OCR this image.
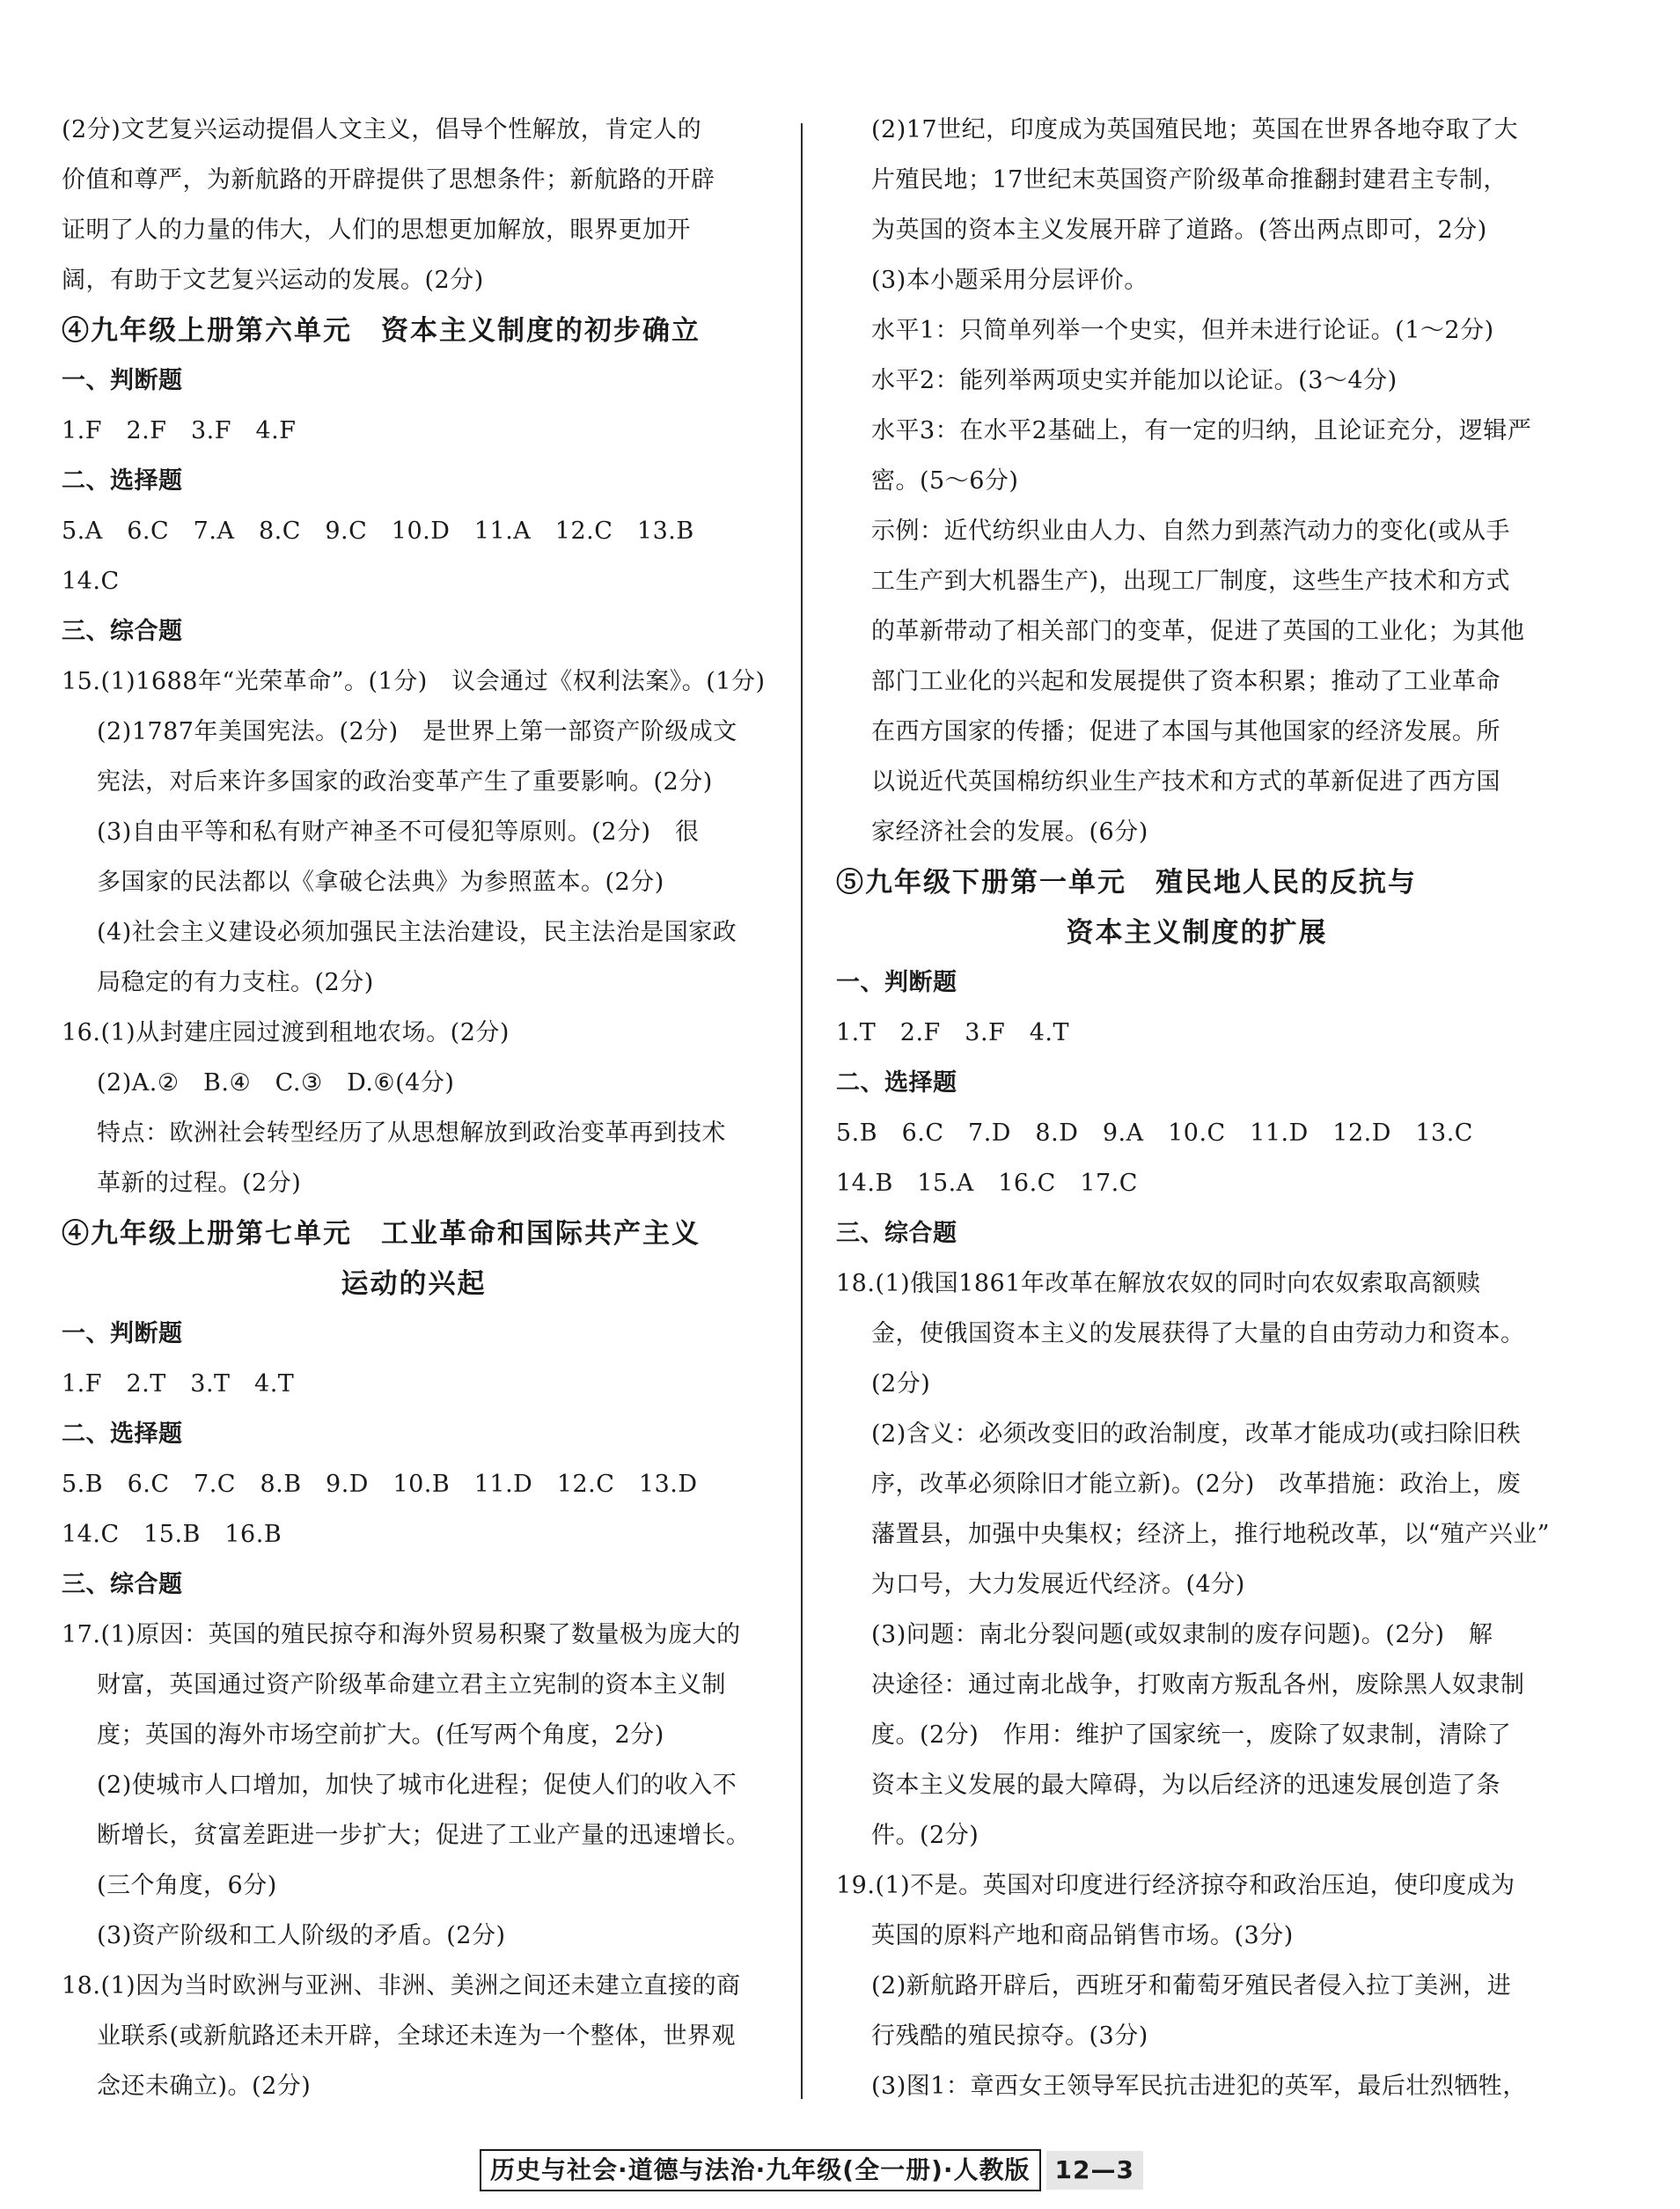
(2分)文艺复兴运动提倡人文主义，倡导个性解放，肯定人的
价值和尊严，为新航路的开辟提供了思想条件；新航路的开辟
证明了人的力量的伟大，人们的思想更加解放，眼界更加开
阔，有助于文艺复兴运动的发展。(2分)
④九年级上册第六单元　资本主义制度的初步确立
一、判断题
1.F　2.F　3.F　4.F
二、选择题
5.A　6.C　7.A　8.C　9.C　10.D　11.A　12.C　13.B
14.C
三、综合题
15.(1)1688年“光荣革命”。(1分)　议会通过《权利法案》。(1分)
(2)1787年美国宪法。(2分)　是世界上第一部资产阶级成文
宪法，对后来许多国家的政治变革产生了重要影响。(2分)
(3)自由平等和私有财产神圣不可侵犯等原则。(2分)　很
多国家的民法都以《拿破仑法典》为参照蓝本。(2分)
(4)社会主义建设必须加强民主法治建设，民主法治是国家政
局稳定的有力支柱。(2分)
16.(1)从封建庄园过渡到租地农场。(2分)
(2)A.②　B.④　C.③　D.⑥(4分)
特点：欧洲社会转型经历了从思想解放到政治变革再到技术
革新的过程。(2分)
④九年级上册第七单元　工业革命和国际共产主义
运动的兴起
一、判断题
1.F　2.T　3.T　4.T
二、选择题
5.B　6.C　7.C　8.B　9.D　10.B　11.D　12.C　13.D
14.C　15.B　16.B
三、综合题
17.(1)原因：英国的殖民掠夺和海外贸易积聚了数量极为庞大的
财富，英国通过资产阶级革命建立君主立宪制的资本主义制
度；英国的海外市场空前扩大。(任写两个角度，2分)
(2)使城市人口增加，加快了城市化进程；促使人们的收入不
断增长，贫富差距进一步扩大；促进了工业产量的迅速增长。
(三个角度，6分)
(3)资产阶级和工人阶级的矛盾。(2分)
18.(1)因为当时欧洲与亚洲、非洲、美洲之间还未建立直接的商
业联系(或新航路还未开辟，全球还未连为一个整体，世界观
念还未确立)。(2分)
(2)17世纪，印度成为英国殖民地；英国在世界各地夺取了大
片殖民地；17世纪末英国资产阶级革命推翻封建君主专制，
为英国的资本主义发展开辟了道路。(答出两点即可，2分)
(3)本小题采用分层评价。
水平1：只简单列举一个史实，但并未进行论证。(1～2分)
水平2：能列举两项史实并能加以论证。(3～4分)
水平3：在水平2基础上，有一定的归纳，且论证充分，逻辑严
密。(5～6分)
示例：近代纺织业由人力、自然力到蒸汽动力的变化(或从手
工生产到大机器生产)，出现工厂制度，这些生产技术和方式
的革新带动了相关部门的变革，促进了英国的工业化；为其他
部门工业化的兴起和发展提供了资本积累；推动了工业革命
在西方国家的传播；促进了本国与其他国家的经济发展。所
以说近代英国棉纺织业生产技术和方式的革新促进了西方国
家经济社会的发展。(6分)
⑤九年级下册第一单元　殖民地人民的反抗与
资本主义制度的扩展
一、判断题
1.T　2.F　3.F　4.T
二、选择题
5.B　6.C　7.D　8.D　9.A　10.C　11.D　12.D　13.C
14.B　15.A　16.C　17.C
三、综合题
18.(1)俄国1861年改革在解放农奴的同时向农奴索取高额赎
金，使俄国资本主义的发展获得了大量的自由劳动力和资本。
(2分)
(2)含义：必须改变旧的政治制度，改革才能成功(或扫除旧秩
序，改革必须除旧才能立新)。(2分)　改革措施：政治上，废
藩置县，加强中央集权；经济上，推行地税改革，以“殖产兴业”
为口号，大力发展近代经济。(4分)
(3)问题：南北分裂问题(或奴隶制的废存问题)。(2分)　解
决途径：通过南北战争，打败南方叛乱各州，废除黑人奴隶制
度。(2分)　作用：维护了国家统一，废除了奴隶制，清除了
资本主义发展的最大障碍，为以后经济的迅速发展创造了条
件。(2分)
19.(1)不是。英国对印度进行经济掠夺和政治压迫，使印度成为
英国的原料产地和商品销售市场。(3分)
(2)新航路开辟后，西班牙和葡萄牙殖民者侵入拉丁美洲，进
行残酷的殖民掠夺。(3分)
(3)图1：章西女王领导军民抗击进犯的英军，最后壮烈牺牲，
历史与社会·道德与法治·九年级(全一册)·人教版 12—3
